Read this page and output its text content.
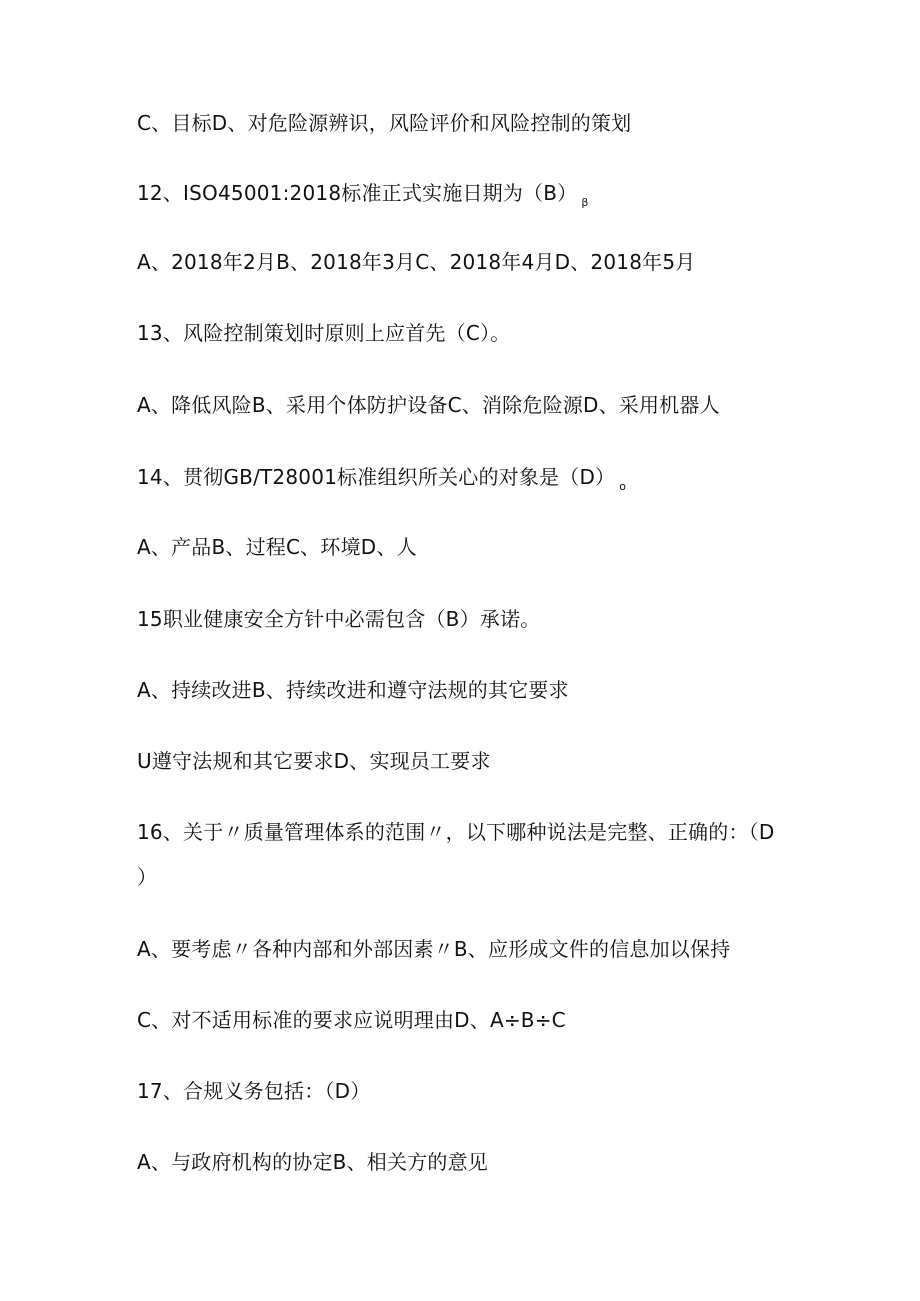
C、目标D、对危险源辨识，风险评价和风险控制的策划

12、ISO45001:2018标准正式实施日期为（B） $_\beta$

A、2018年2月B、2018年3月C、2018年4月D、2018年5月

13、风险控制策划时原则上应首先（C）。

A、降低风险B、采用个体防护设备C、消除危险源D、采用机器人

14、贯彻GB/T28001标准组织所关心的对象是（D） $_o$

A、产品B、过程C、环境D、人

15职业健康安全方针中必需包含（B）承诺。

A、持续改进B、持续改进和遵守法规的其它要求

U遵守法规和其它要求D、实现员工要求

16、关于〃质量管理体系的范围〃，以下哪种说法是完整、正确的：（D

）

A、要考虑〃各种内部和外部因素〃B、应形成文件的信息加以保持

C、对不适用标准的要求应说明理由D、A÷B÷C

17、合规义务包括：（D）

A、与政府机构的协定B、相关方的意见
